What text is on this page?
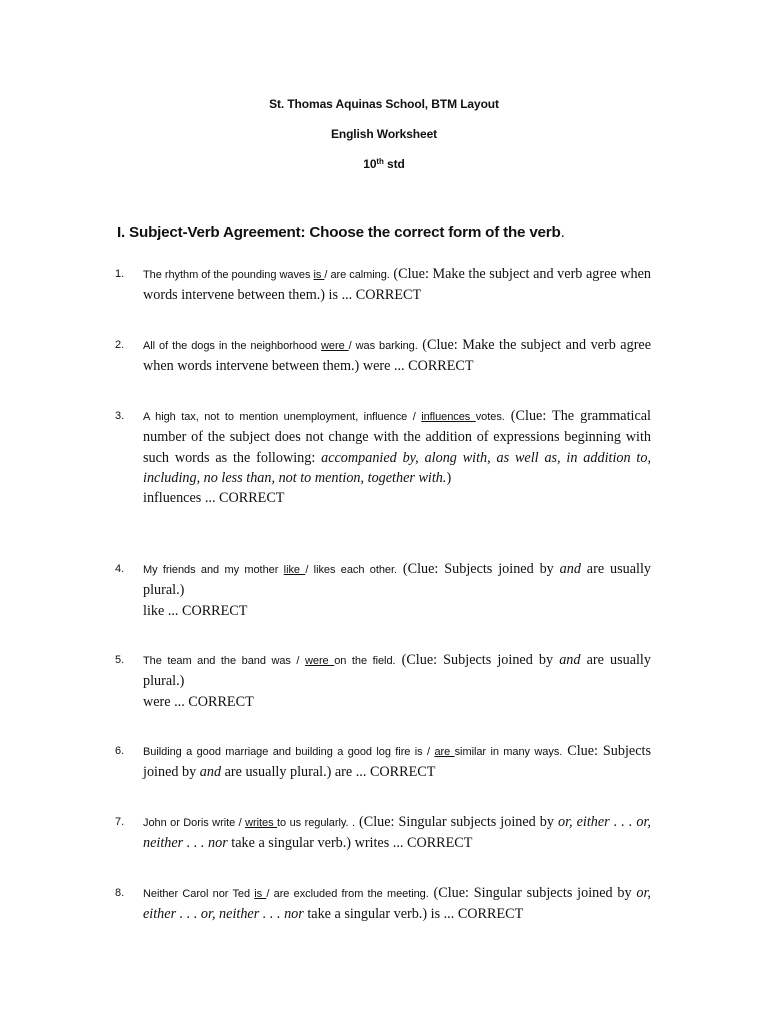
St. Thomas Aquinas School, BTM Layout
English Worksheet
10th std
I. Subject-Verb Agreement: Choose the correct form of the verb.
1. The rhythm of the pounding waves is / are calming. (Clue: Make the subject and verb agree when words intervene between them.) is ... CORRECT
2. All of the dogs in the neighborhood were / was barking. (Clue: Make the subject and verb agree when words intervene between them.) were ... CORRECT
3. A high tax, not to mention unemployment, influence / influences votes. (Clue: The grammatical number of the subject does not change with the addition of expressions beginning with such words as the following: accompanied by, along with, as well as, in addition to, including, no less than, not to mention, together with.)
influences ... CORRECT
4. My friends and my mother like / likes each other. (Clue: Subjects joined by and are usually plural.)
like ... CORRECT
5. The team and the band was / were on the field. (Clue: Subjects joined by and are usually plural.)
were ... CORRECT
6. Building a good marriage and building a good log fire is / are similar in many ways. Clue: Subjects joined by and are usually plural.) are ... CORRECT
7. John or Doris write / writes to us regularly. . (Clue: Singular subjects joined by or, either . . . or, neither . . . nor take a singular verb.) writes ... CORRECT
8. Neither Carol nor Ted is / are excluded from the meeting. (Clue: Singular subjects joined by or, either . . . or, neither . . . nor take a singular verb.) is ... CORRECT
